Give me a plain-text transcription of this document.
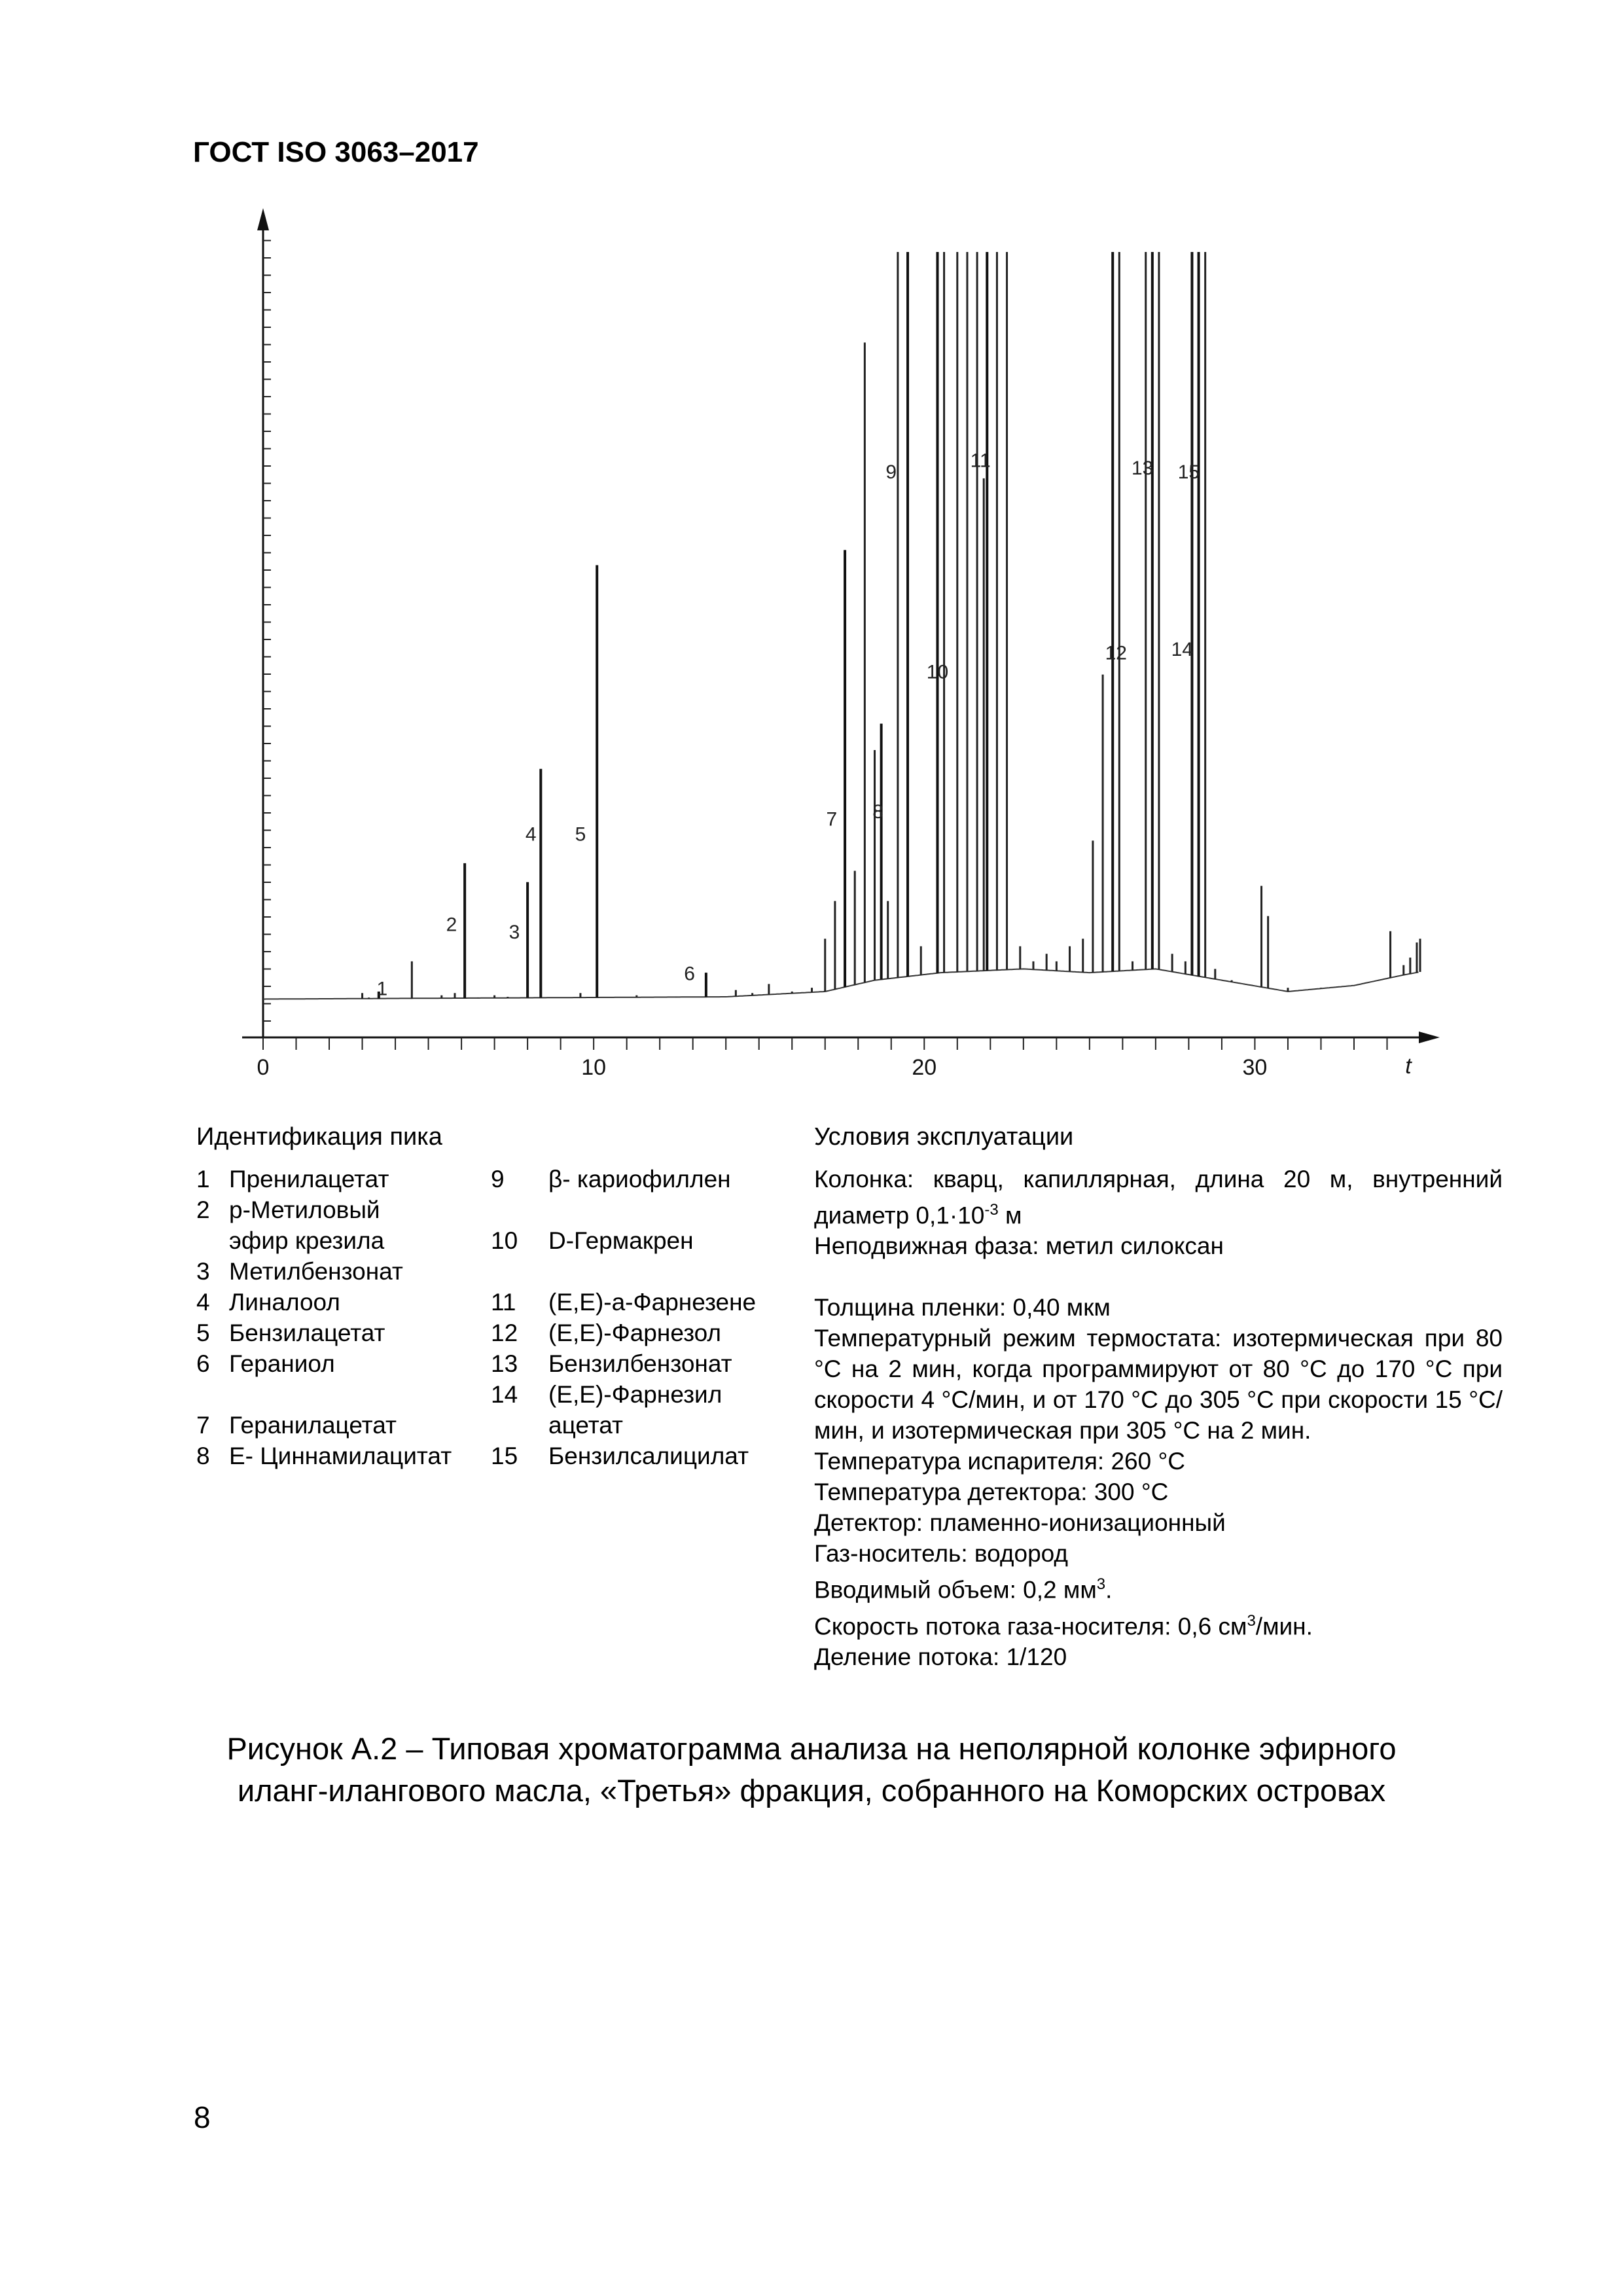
ГОСТ ISO 3063–2017
0	10	20	30	t
1
2	3
4 5
6
7 8
9
10
11
12
13
14
15
Идентификация пика	Условия эксплуатации
1 Пренилацетат
2 р-Метиловый эфир крезила
3 Метилбензонат
4 Линалоол
5 Бензилацетат
6 Гераниол
7 Геранилацетат
8 Е- Циннамилацитат
9	β- кариофиллен
10	D-Гермакрен
11	(Е,Е)-а-Фарнезене
12	(Е,Е)-Фарнезол
13	Бензилбензонат
14	(Е,Е)-Фарнезил ацетат
15	Бензилсалицилат
Колонка: кварц, капиллярная, длина 20 м, внутренний
диаметр $0,1\cdot 10^{-3}$ м
Неподвижная фаза: метил силоксан
Толщина пленки: 0,40 мкм
Температурный режим термостата: изотермическая при 80 °С на 2 мин, когда программируют от 80 °С до 170 °С при скорости 4 °С/мин, и от 170 °С до 305 °С при скорости 15 °С/мин, и изотермическая при 305 °С на 2 мин.
Температура испарителя: 260 °С
Температура детектора: 300 °С
Детектор: пламенно-ионизационный
Газ-носитель: водород
Вводимый объем: 0,2 $мм^3$.
Скорость потока газа-носителя: 0,6 $см^3$/мин.
Деление потока: 1/120
Рисунок А.2 – Типовая хроматограмма анализа на неполярной колонке эфирного
иланг-илангового масла, «Третья» фракция, собранного на Коморских островах
8
